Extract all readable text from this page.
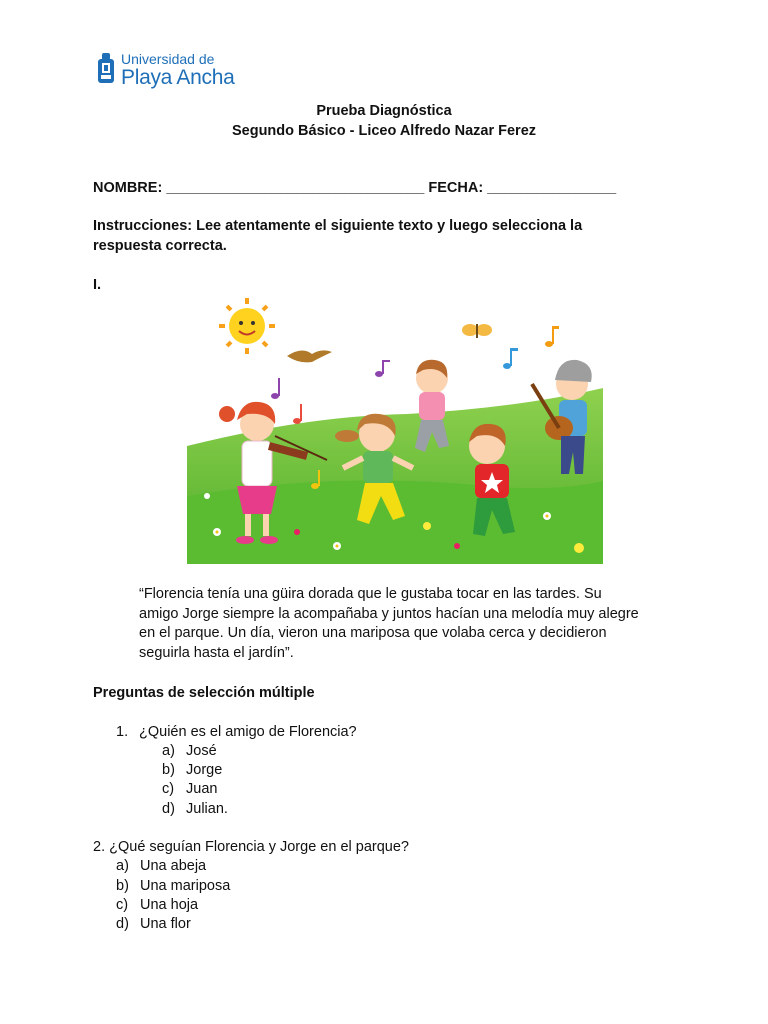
Universidad de
Playa Ancha
Prueba Diagnóstica
Segundo Básico - Liceo Alfredo Nazar Ferez
NOMBRE: ________________________________ FECHA: ________________
Instrucciones: Lee atentamente el siguiente texto y luego selecciona la respuesta correcta.
I.
“Florencia tenía una güira dorada que le gustaba tocar en las tardes. Su
amigo Jorge siempre la acompañaba y juntos hacían una melodía muy alegre
en el parque. Un día, vieron una mariposa que volaba cerca y decidieron
seguirla hasta el jardín”.
Preguntas de selección múltiple
1. ¿Quién es el amigo de Florencia?
a) José
b) Jorge
c) Juan
d) Julian.
2. ¿Qué seguían Florencia y Jorge en el parque?
a) Una abeja
b) Una mariposa
c) Una hoja
d) Una flor
